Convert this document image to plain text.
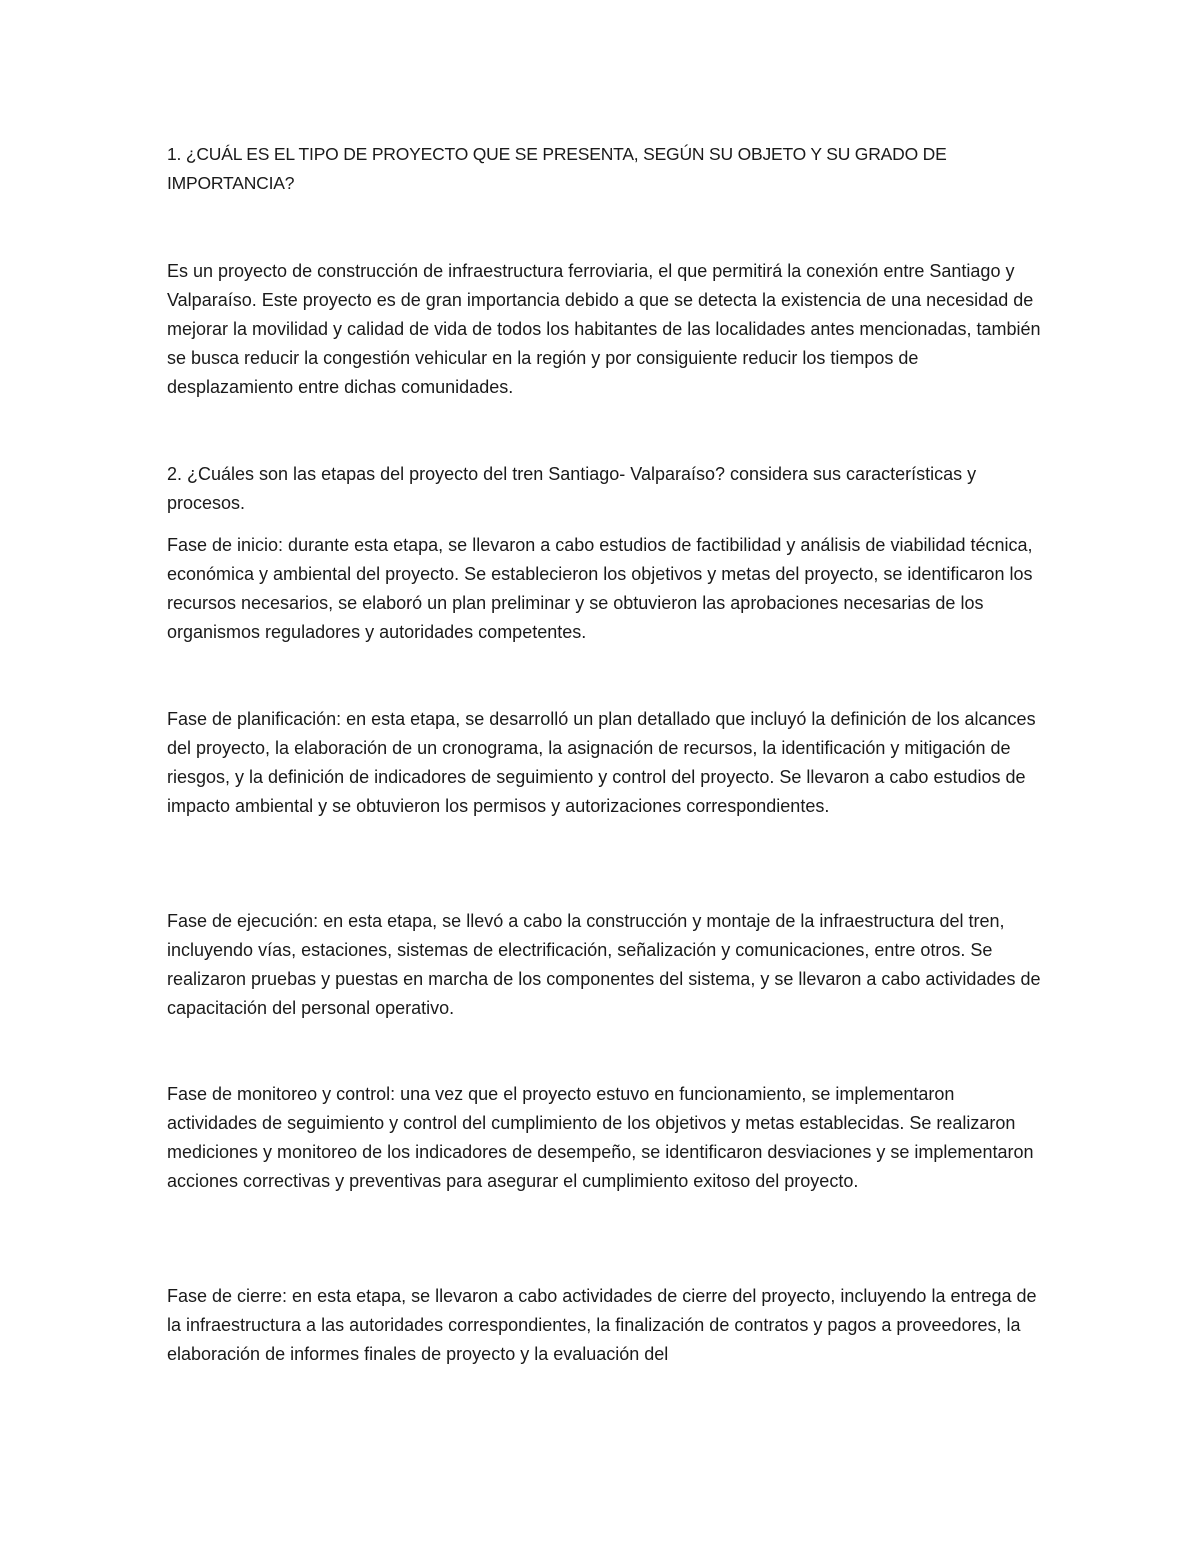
1. ¿CUÁL ES EL TIPO DE PROYECTO QUE SE PRESENTA, SEGÚN SU OBJETO Y SU GRADO DE IMPORTANCIA?

Es un proyecto de construcción de infraestructura ferroviaria, el que permitirá la conexión entre Santiago y Valparaíso. Este proyecto es de gran importancia debido a que se detecta la existencia de una necesidad de mejorar la movilidad y calidad de vida de todos los habitantes de las localidades antes mencionadas, también se busca reducir la congestión vehicular en la región y por consiguiente reducir los tiempos de desplazamiento entre dichas comunidades.

2. ¿Cuáles son las etapas del proyecto del tren Santiago- Valparaíso? considera sus características y procesos.

Fase de inicio: durante esta etapa, se llevaron a cabo estudios de factibilidad y análisis de viabilidad técnica, económica y ambiental del proyecto. Se establecieron los objetivos y metas del proyecto, se identificaron los recursos necesarios, se elaboró un plan preliminar y se obtuvieron las aprobaciones necesarias de los organismos reguladores y autoridades competentes.

Fase de planificación: en esta etapa, se desarrolló un plan detallado que incluyó la definición de los alcances del proyecto, la elaboración de un cronograma, la asignación de recursos, la identificación y mitigación de riesgos, y la definición de indicadores de seguimiento y control del proyecto. Se llevaron a cabo estudios de impacto ambiental y se obtuvieron los permisos y autorizaciones correspondientes.

Fase de ejecución: en esta etapa, se llevó a cabo la construcción y montaje de la infraestructura del tren, incluyendo vías, estaciones, sistemas de electrificación, señalización y comunicaciones, entre otros. Se realizaron pruebas y puestas en marcha de los componentes del sistema, y se llevaron a cabo actividades de capacitación del personal operativo.

Fase de monitoreo y control: una vez que el proyecto estuvo en funcionamiento, se implementaron actividades de seguimiento y control del cumplimiento de los objetivos y metas establecidas. Se realizaron mediciones y monitoreo de los indicadores de desempeño, se identificaron desviaciones y se implementaron acciones correctivas y preventivas para asegurar el cumplimiento exitoso del proyecto.

Fase de cierre: en esta etapa, se llevaron a cabo actividades de cierre del proyecto, incluyendo la entrega de la infraestructura a las autoridades correspondientes, la finalización de contratos y pagos a proveedores, la elaboración de informes finales de proyecto y la evaluación del
